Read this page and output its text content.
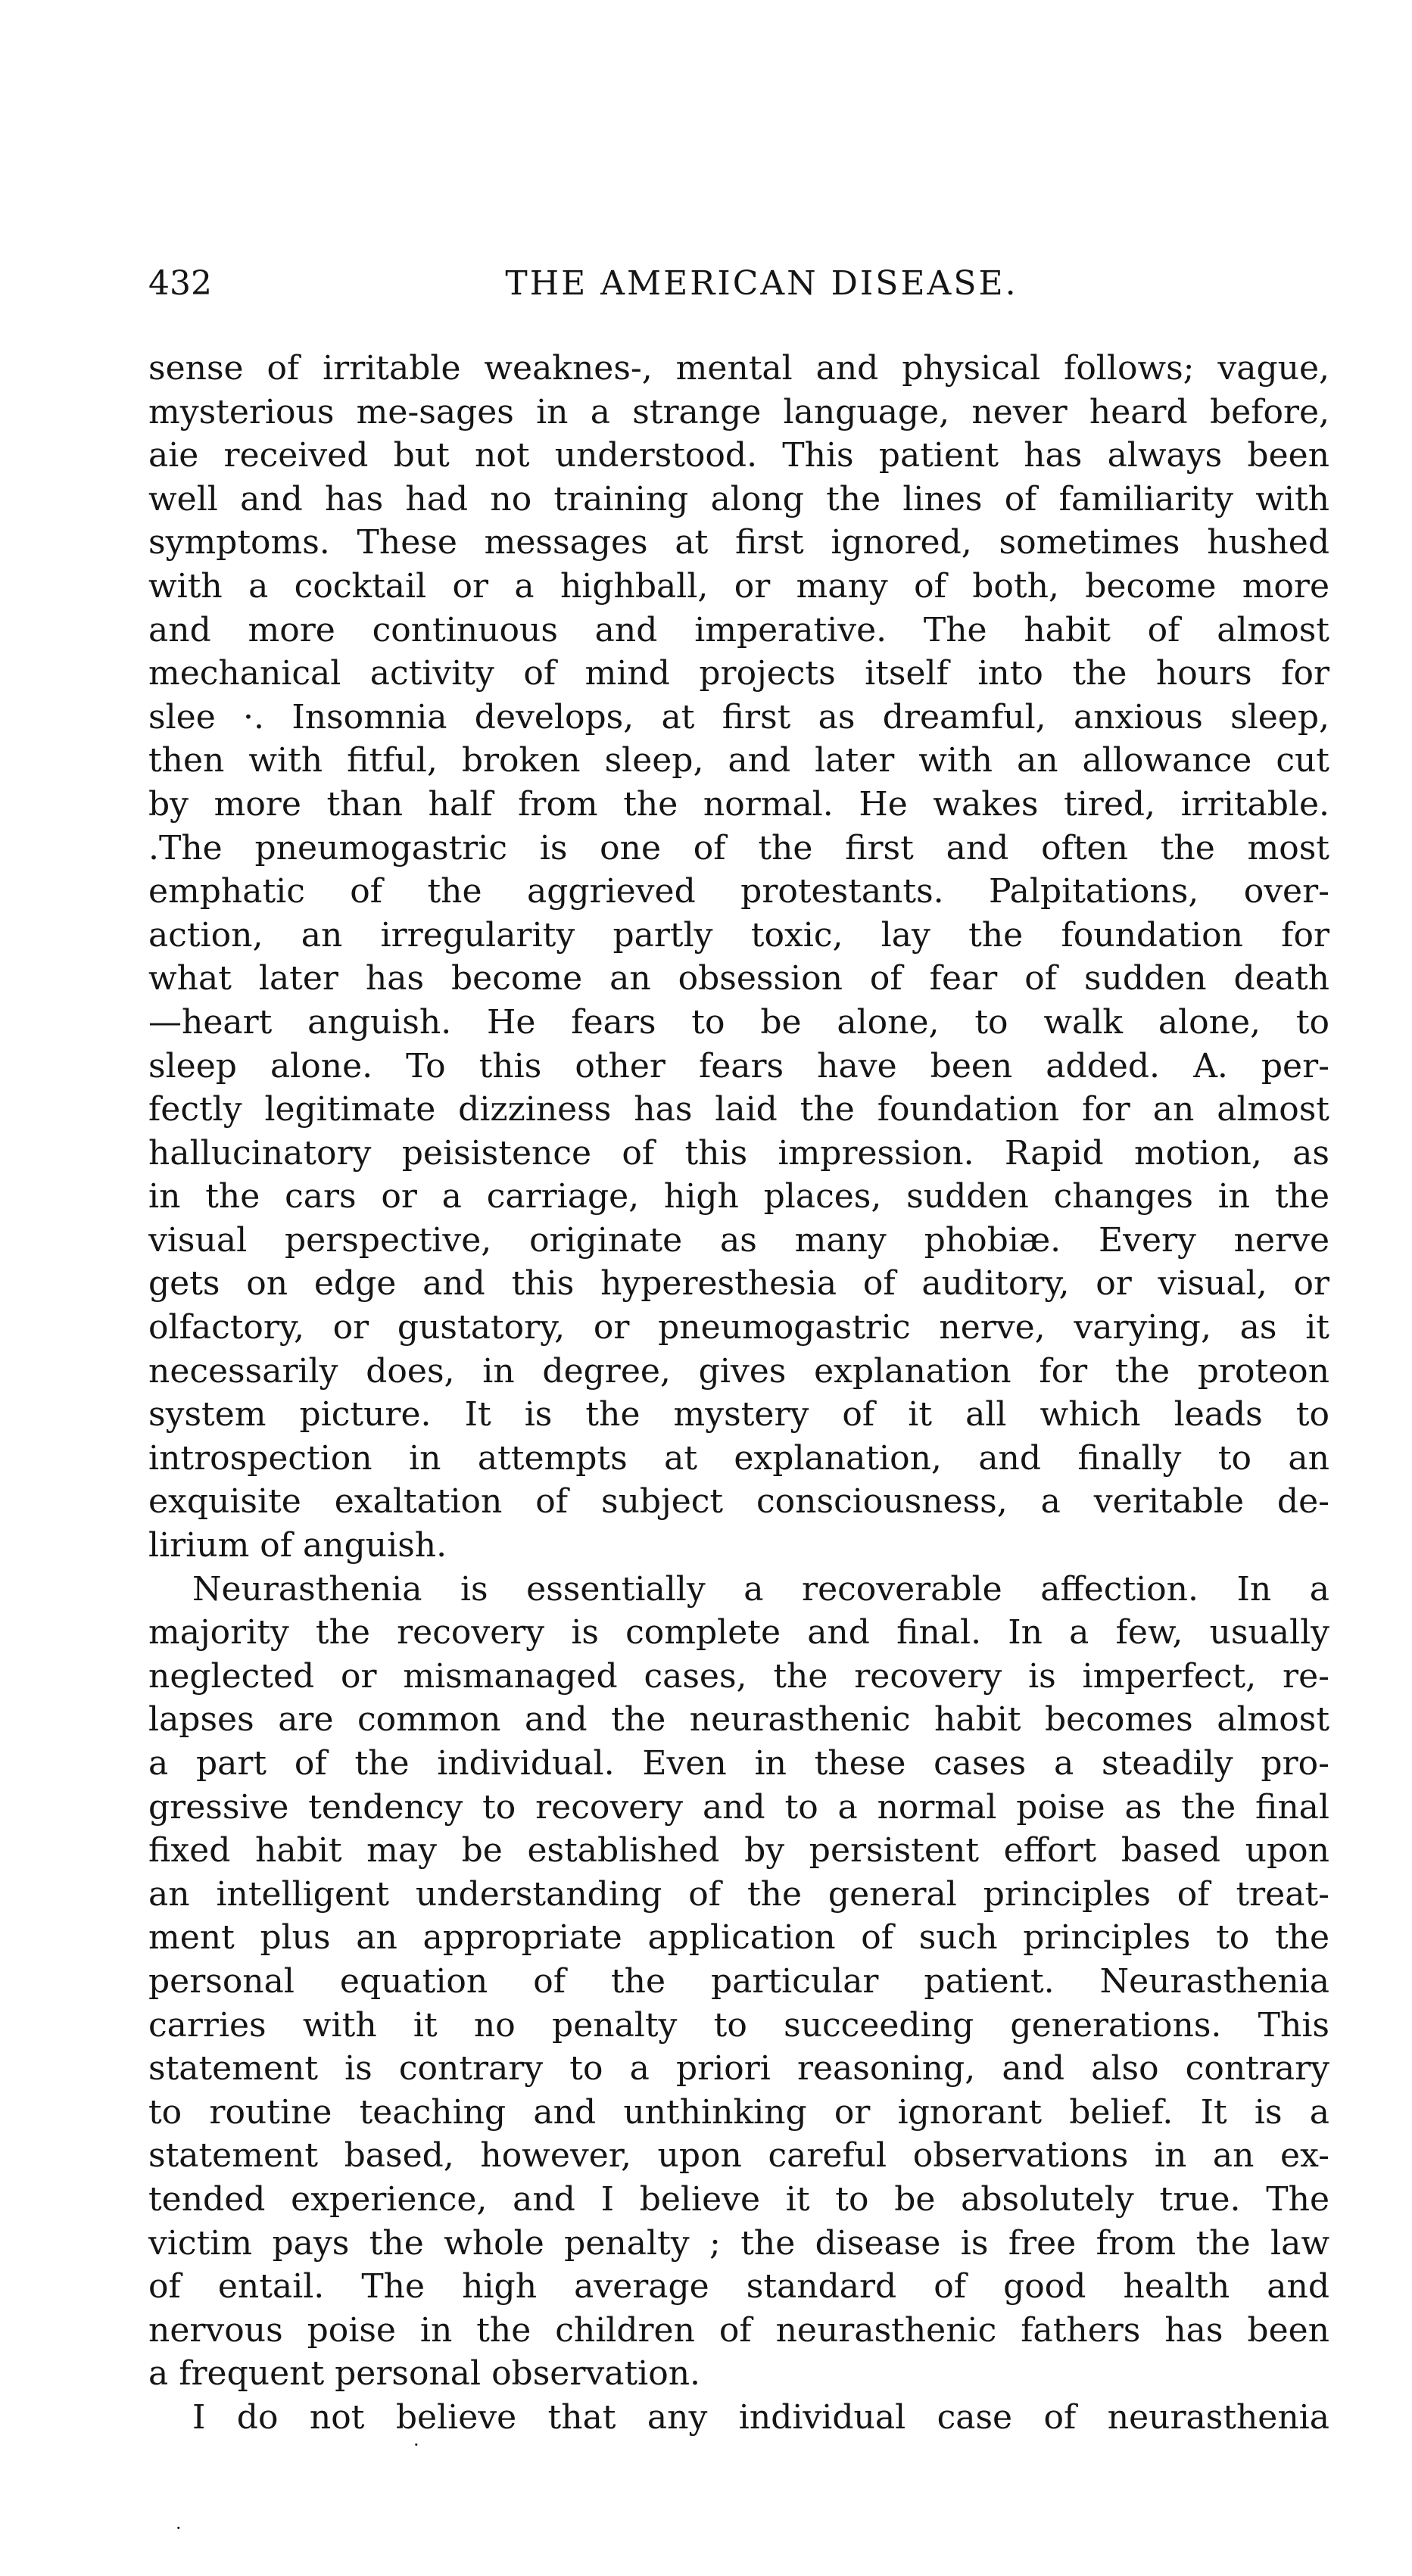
432	THE AMERICAN DISEASE.
sense of irritable weaknes-, mental and physical follows; vague,
mysterious me-sages in a strange language, never heard before,
aie received but not understood. This patient has always been
well and has had no training along the lines of familiarity with
symptoms. These messages at first ignored, sometimes hushed
with a cocktail or a highball, or many of both, become more
and more continuous and imperative. The habit of almost
mechanical activity of mind projects itself into the hours for
slee ·. Insomnia develops, at first as dreamful, anxious sleep,
then with fitful, broken sleep, and later with an allowance cut
by more than half from the normal. He wakes tired, irritable.
.The pneumogastric is one of the first and often the most
emphatic of the aggrieved protestants. Palpitations, over-
action, an irregularity partly toxic, lay the foundation for
what later has become an obsession of fear of sudden death
—heart anguish. He fears to be alone, to walk alone, to
sleep alone. To this other fears have been added. A. per-
fectly legitimate dizziness has laid the foundation for an almost
hallucinatory peisistence of this impression. Rapid motion, as
in the cars or a carriage, high places, sudden changes in the
visual perspective, originate as many phobiæ. Every nerve
gets on edge and this hyperesthesia of auditory, or visual, or
olfactory, or gustatory, or pneumogastric nerve, varying, as it
necessarily does, in degree, gives explanation for the proteon
system picture. It is the mystery of it all which leads to
introspection in attempts at explanation, and finally to an
exquisite exaltation of subject consciousness, a veritable de-
lirium of anguish.
Neurasthenia is essentially a recoverable affection. In a
majority the recovery is complete and final. In a few, usually
neglected or mismanaged cases, the recovery is imperfect, re-
lapses are common and the neurasthenic habit becomes almost
a part of the individual. Even in these cases a steadily pro-
gressive tendency to recovery and to a normal poise as the final
fixed habit may be established by persistent effort based upon
an intelligent understanding of the general principles of treat-
ment plus an appropriate application of such principles to the
personal equation of the particular patient. Neurasthenia
carries with it no penalty to succeeding generations. This
statement is contrary to a priori reasoning, and also contrary
to routine teaching and unthinking or ignorant belief. It is a
statement based, however, upon careful observations in an ex-
tended experience, and I believe it to be absolutely true. The
victim pays the whole penalty ; the disease is free from the law
of entail. The high average standard of good health and
nervous poise in the children of neurasthenic fathers has been
a frequent personal observation.
I do not believe that any individual case of neurasthenia
·
·
